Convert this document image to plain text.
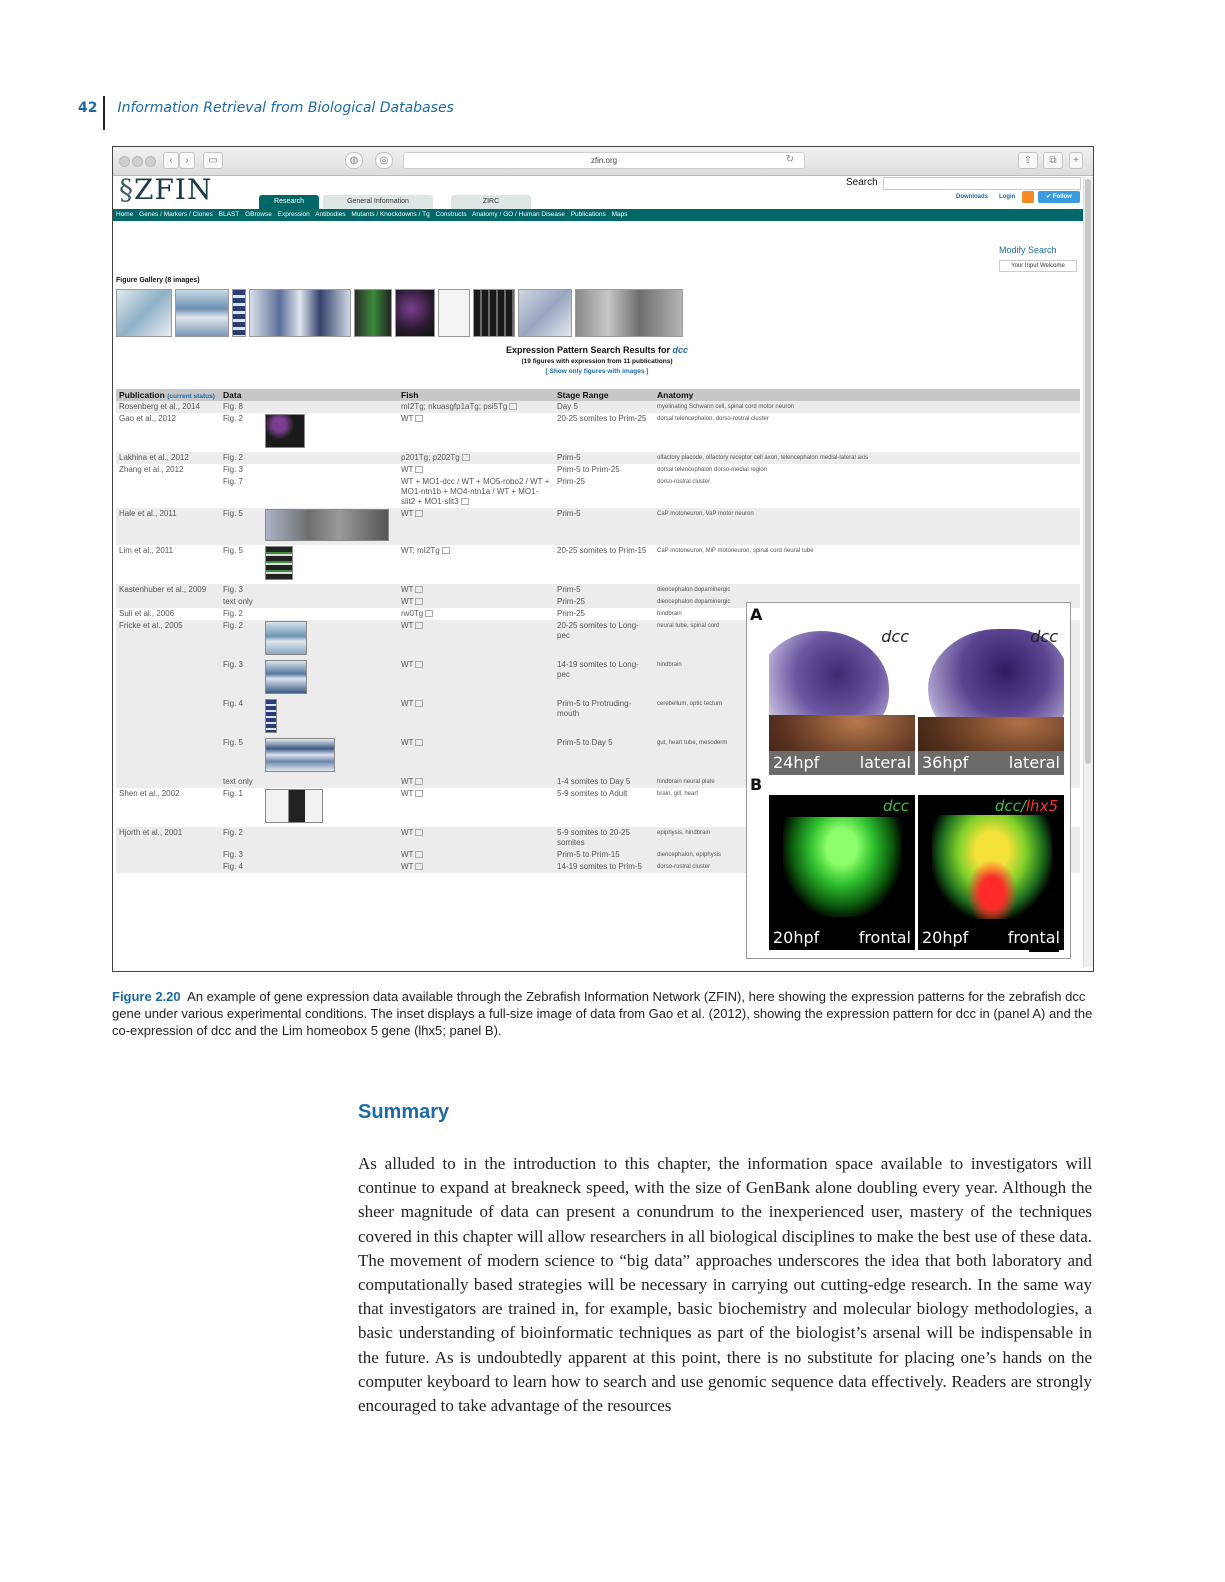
42 Information Retrieval from Biological Databases
‹	›	▭	◍	◎	zfin.org	↻	⇧	⧉	+
§ZFIN	Research	General Information	ZIRC
Search
Downloads Login	✔ Follow
Home Genes / Markers / Clones BLAST GBrowse Expression Antibodies Mutants / Knockdowns / Tg Constructs Anatomy / GO / Human Disease Publications Maps
Modify Search
Your Input Welcome
Figure Gallery (8 images)
Expression Pattern Search Results for dcc
(19 figures with expression from 11 publications)
[ Show only figures with images ]
Publication (current status)	Data		Fish	Stage Range	Anatomy
Rosenberg et al., 2014	Fig. 8		mI2Tg; nkuasgfp1aTg; psi5Tg	Day 5	myelinating Schwann cell, spinal cord motor neuron
Gao et al., 2012	Fig. 2		WT	20-25 somites to Prim-25	dorsal telencephalon, dorso-rostral cluster
Lakhina et al., 2012	Fig. 2		p201Tg; p202Tg	Prim-5	olfactory placode, olfactory receptor cell axon, telencephalon medial-lateral axis
Zhang et al., 2012	Fig. 3		WT	Prim-5 to Prim-25	dorsal telencephalon dorso-medial region
	Fig. 7		WT + MO1-dcc / WT + MO5-robo2 / WT + MO1-ntn1b + MO4-ntn1a / WT + MO1-slit2 + MO1-slit3	Prim-25	dorso-rostral cluster
Hale et al., 2011	Fig. 5		WT	Prim-5	CaP motoneuron, VaP motor neuron
Lim et al., 2011	Fig. 5		WT; mI2Tg	20-25 somites to Prim-15	CaP motoneuron, MiP motoneuron, spinal cord neural tube
Kastenhuber et al., 2009	Fig. 3		WT	Prim-5	diencephalon dopaminergic
	text only		WT	Prim-25	diencephalon dopaminergic
Suli et al., 2006	Fig. 2		rw0Tg	Prim-25	hindbrain
Fricke et al., 2005	Fig. 2		WT	20-25 somites to Long-pec	neural tube, spinal cord
	Fig. 3		WT	14-19 somites to Long-pec	hindbrain
	Fig. 4		WT	Prim-5 to Protruding-mouth	cerebellum, optic tectum
	Fig. 5		WT	Prim-5 to Day 5	gut, heart tube, mesoderm
	text only		WT	1-4 somites to Day 5	hindbrain neural plate
Shen et al., 2002	Fig. 1		WT	5-9 somites to Adult	brain, gill, heart
Hjorth et al., 2001	Fig. 2		WT	5-9 somites to 20-25 somites	epiphysis, hindbrain
	Fig. 3		WT	Prim-5 to Prim-15	diencephalon, epiphysis
	Fig. 4		WT	14-19 somites to Prim-5	dorso-rostral cluster
A
B
dcc
24hpf	lateral
dcc
36hpf	lateral
dcc
20hpf frontal
dcc/lhx5
20hpf frontal
Figure 2.20 An example of gene expression data available through the Zebrafish Information Network (ZFIN), here showing the expression patterns for the zebrafish dcc gene under various experimental conditions. The inset displays a full-size image of data from Gao et al. (2012), showing the expression pattern for dcc in (panel A) and the co-expression of dcc and the Lim homeobox 5 gene (lhx5; panel B).
Summary
As alluded to in the introduction to this chapter, the information space available to investigators will continue to expand at breakneck speed, with the size of GenBank alone doubling every year. Although the sheer magnitude of data can present a conundrum to the inexperienced user, mastery of the techniques covered in this chapter will allow researchers in all biological disciplines to make the best use of these data. The movement of modern science to “big data” approaches underscores the idea that both laboratory and computationally based strategies will be necessary in carrying out cutting-edge research. In the same way that investigators are trained in, for example, basic biochemistry and molecular biology methodologies, a basic understanding of bioinformatic techniques as part of the biologist’s arsenal will be indispensable in the future. As is undoubtedly apparent at this point, there is no substitute for placing one’s hands on the computer keyboard to learn how to search and use genomic sequence data effectively. Readers are strongly encouraged to take advantage of the resources
